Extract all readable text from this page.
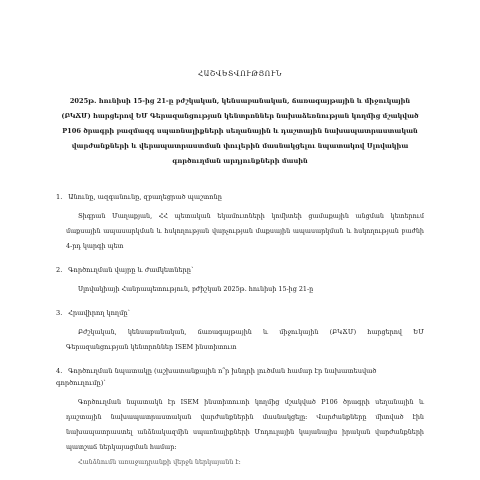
ՀԱՇՎԵՏՎՈՒԹՅՈՒՆ
2025թ. հունիսի 15-ից 21-ը բժշկական, կենսաբանական, ճառագայթային և միջուկային (ԲԿՃՄ) հարցերով ԵՄ Գերազանցության կենտրոններ նախաձեռնության կողմից մշակված P106 ծրագրի բազմազգ սպառնալիքների սեղանային և դաշտային նախապատրաստական վարժանքների և վերապատրաստման փուլերին մասնակցելու նպատակով Սլովակիա գործուղման արդյունքների մասին
1. Անունը, ազգանունը, զբաղեցրած պաշտոնը

Տիգրան Մաղաքյան, ՀՀ պետական եկամուտների կոմիտեի ցամաքային անցման կետերում մաքսային ապասարկման և հսկողության վարչության մաքսային ապասարկման և հսկողության բաժնի 4-րդ կարգի պետ

2. Գործուղման վայրը և ժամկետները՝

Սլովակիայի Հանրապետություն, բժիշկան 2025թ. հունիսի 15-ից 21-ը

3. Հրավիրող կողմը՝

Բժշկական, կենսաբանական, ճառագայթային և միջուկային (ԲԿՃՄ) հարցերով ԵՄ Գերազանցության կենտրոններ ISEM ինստիտուտ

4. Գործուղման նպատակը (աշխատանքային ո՞ր խնդրի լուծման համար էր նախատեսված գործուղումը)՝

Գործուղման նպատակն էր ISEM ինստիտուտի կողմից մշակված P106 ծրագրի սեղանային և դաշտային նախապատրաստական վարժանքներին մասնակցելը: Վարժանքները միտված էին նախապատրաստել անձնակազմին սպառնալիքների Մոդուլային կայանայիս իրական վարժանքների պատշաճ ներկայացման համար:

Հանձնումն առաջադրանքի վերջն ներկայանն է:
